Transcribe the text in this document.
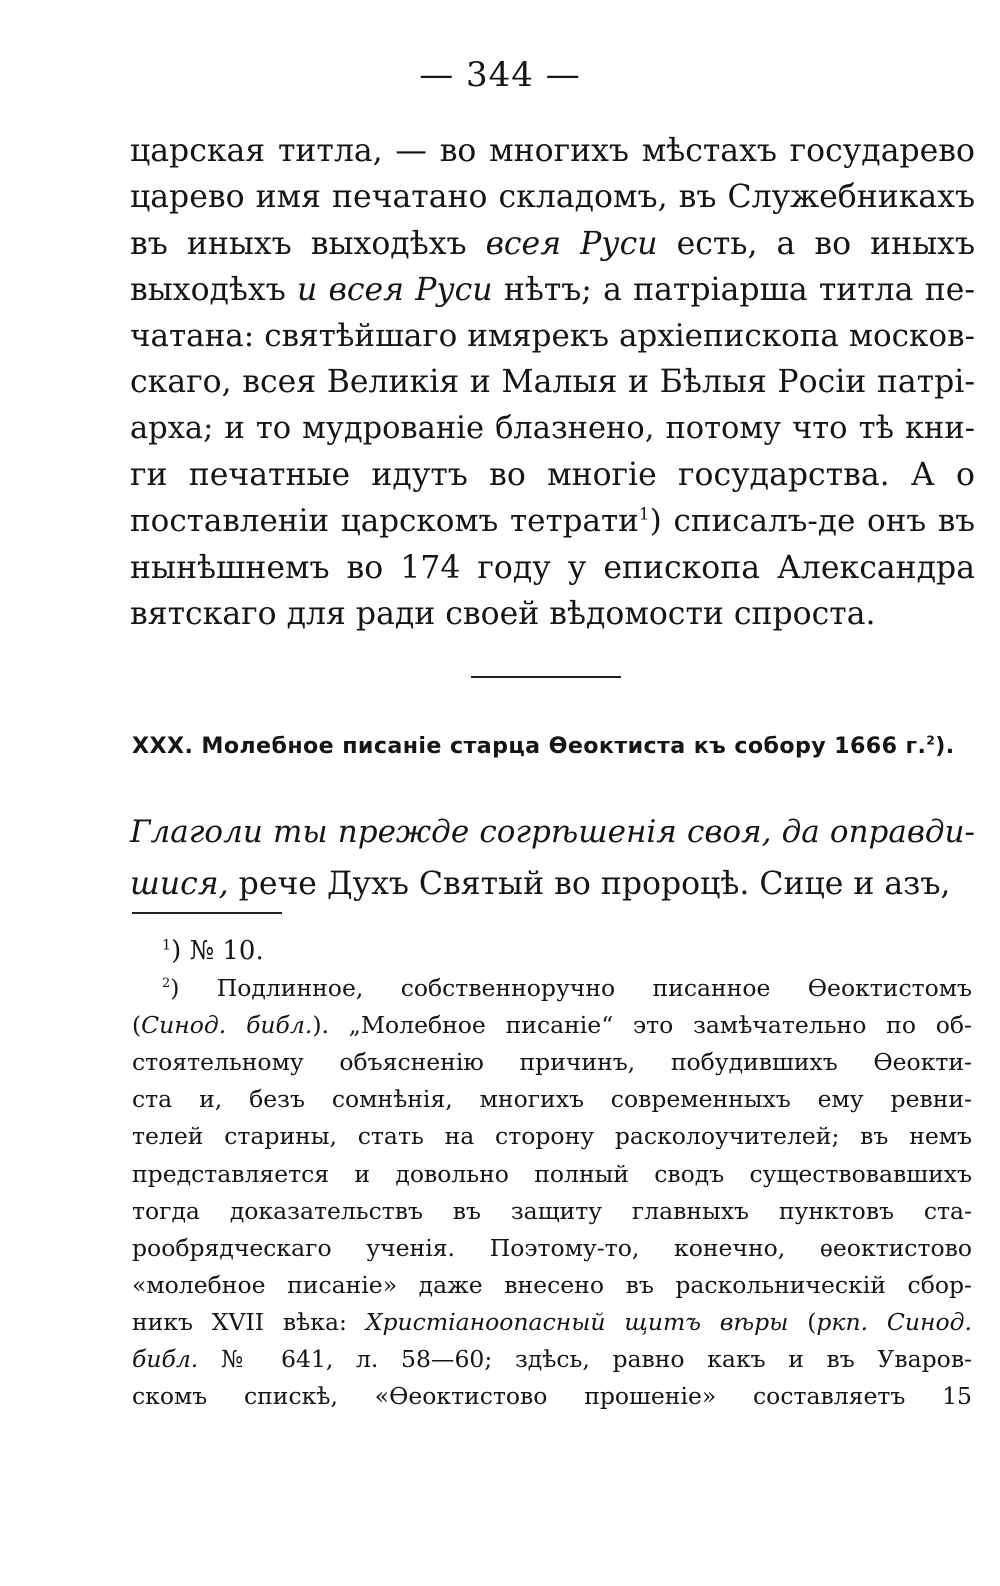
— 344 —
царская титла, — во многихъ мѣстахъ государево
царево имя печатано складомъ, въ Служебникахъ
въ иныхъ выходѣхъ всея Руси есть, а во иныхъ
выходѣхъ и всея Руси нѣтъ; а патріарша титла пе-
чатана: святѣйшаго имярекъ архіепископа москов-
скаго, всея Великія и Малыя и Бѣлыя Росіи патрі-
арха; и то мудрованіе блазнено, потому что тѣ кни-
ги печатные идутъ во многіе государства. А о
поставленіи царскомъ тетрати$^1$) списалъ-де онъ въ
нынѣшнемъ во 174 году у епископа Александра
вятскаго для ради своей вѣдомости спроста.
XXX. Молебное писаніе старца Ѳеоктиста къ собору 1666 г.$^2$).
Глаголи ты прежде согрѣшенія своя, да оправди-
шися, рече Духъ Святый во пророцѣ. Сице и азъ,
$^1$) № 10.
$^2$) Подлинное, собственноручно писанное Ѳеоктистомъ
(Синод. библ.). „Молебное писаніе“ это замѣчательно по об-
стоятельному объясненію причинъ, побудившихъ Ѳеокти-
ста и, безъ сомнѣнія, многихъ современныхъ ему ревни-
телей старины, стать на сторону расколоучителей; въ немъ
представляется и довольно полный сводъ существовавшихъ
тогда доказательствъ въ защиту главныхъ пунктовъ ста-
рообрядческаго ученія. Поэтому-то, конечно, ѳеоктистово
«молебное писаніе» даже внесено въ раскольническій сбор-
никъ XVII вѣка: Христіаноопасный щитъ вѣры (ркп. Синод.
библ. № 641, л. 58—60; здѣсь, равно какъ и въ Уваров-
скомъ спискѣ, «Ѳеоктистово прошеніе» составляетъ 15
